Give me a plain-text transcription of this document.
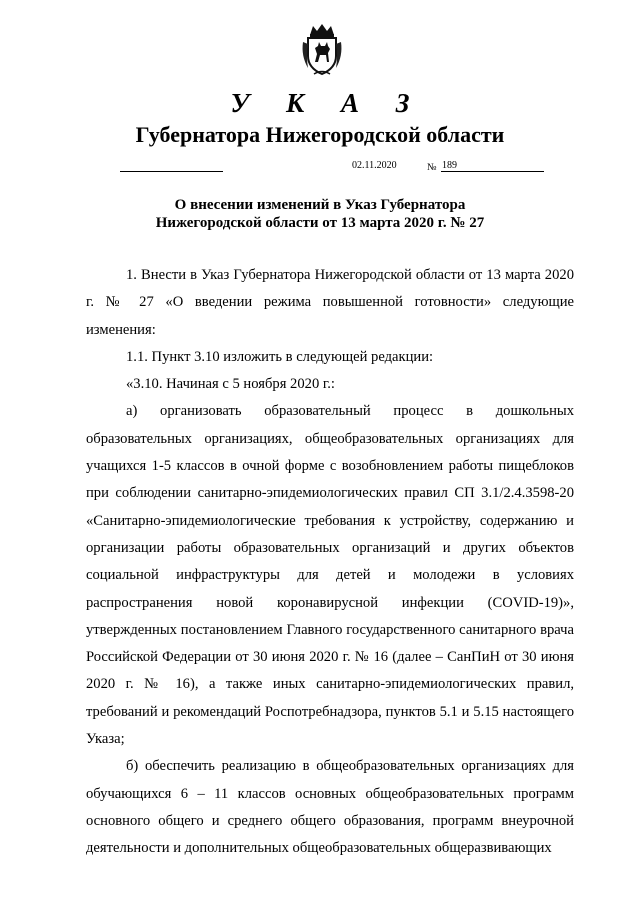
У К А З
Губернатора Нижегородской области
02.11.2020	№ 189
О внесении изменений в Указ Губернатора Нижегородской области от 13 марта 2020 г. № 27

1. Внести в Указ Губернатора Нижегородской области от 13 марта 2020 г. № 27 «О введении режима повышенной готовности» следующие изменения:

1.1. Пункт 3.10 изложить в следующей редакции:

«3.10. Начиная с 5 ноября 2020 г.:

а) организовать образовательный процесс в дошкольных образовательных организациях, общеобразовательных организациях для учащихся 1-5 классов в очной форме с возобновлением работы пищеблоков при соблюдении санитарно-эпидемиологических правил СП 3.1/2.4.3598-20 «Санитарно-эпидемиологические требования к устройству, содержанию и организации работы образовательных организаций и других объектов социальной инфраструктуры для детей и молодежи в условиях распространения новой коронавирусной инфекции (COVID-19)», утвержденных постановлением Главного государственного санитарного врача Российской Федерации от 30 июня 2020 г. № 16 (далее – СанПиН от 30 июня 2020 г. № 16), а также иных санитарно-эпидемиологических правил, требований и рекомендаций Роспотребнадзора, пунктов 5.1 и 5.15 настоящего Указа;

б) обеспечить реализацию в общеобразовательных организациях для обучающихся 6 – 11 классов основных общеобразовательных программ основного общего и среднего общего образования, программ внеурочной деятельности и дополнительных общеобразовательных общеразвивающих
